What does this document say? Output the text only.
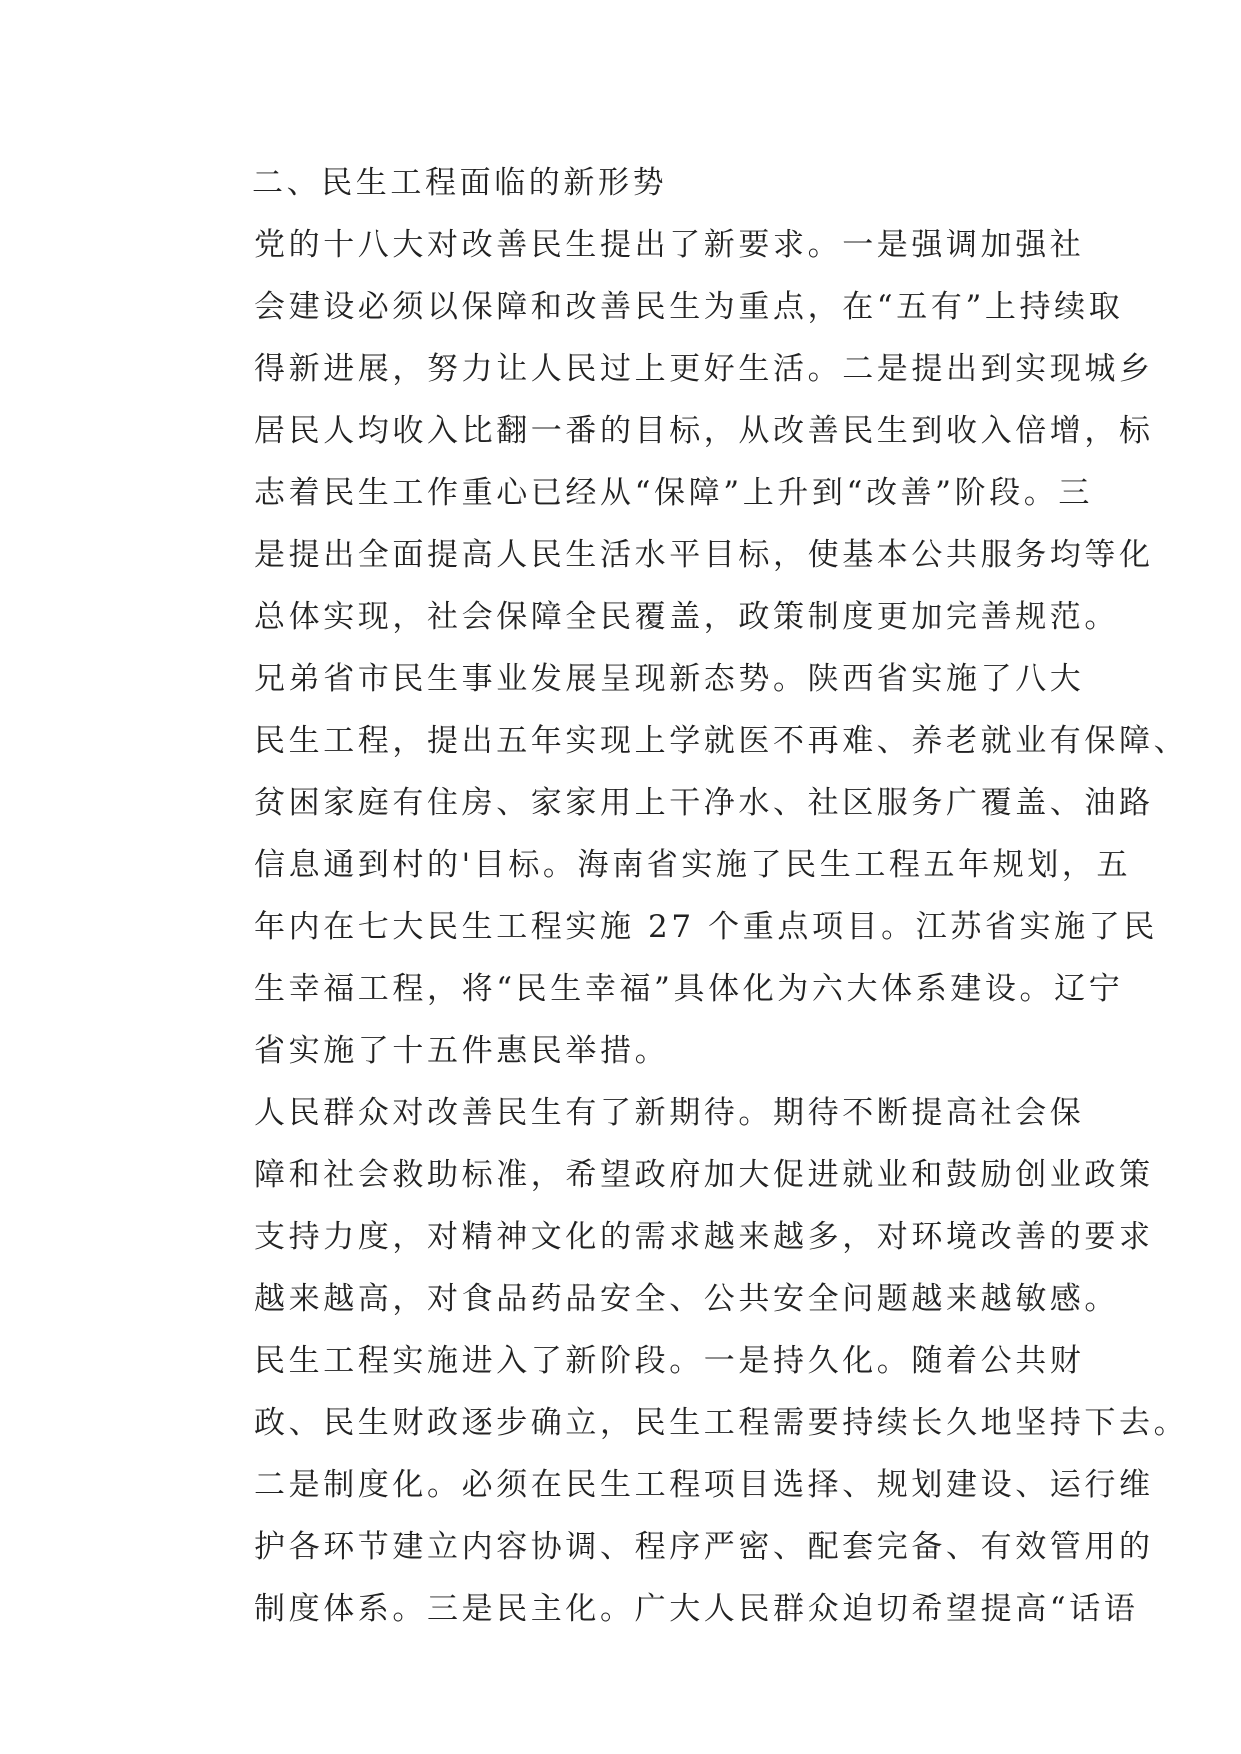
二、民生工程面临的新形势
党的十八大对改善民生提出了新要求。一是强调加强社
会建设必须以保障和改善民生为重点，在“五有”上持续取
得新进展，努力让人民过上更好生活。二是提出到实现城乡
居民人均收入比翻一番的目标，从改善民生到收入倍增，标
志着民生工作重心已经从“保障”上升到“改善”阶段。三
是提出全面提高人民生活水平目标，使基本公共服务均等化
总体实现，社会保障全民覆盖，政策制度更加完善规范。
兄弟省市民生事业发展呈现新态势。陕西省实施了八大
民生工程，提出五年实现上学就医不再难、养老就业有保障、
贫困家庭有住房、家家用上干净水、社区服务广覆盖、油路
信息通到村的'目标。海南省实施了民生工程五年规划，五
年内在七大民生工程实施 27 个重点项目。江苏省实施了民
生幸福工程，将“民生幸福”具体化为六大体系建设。辽宁
省实施了十五件惠民举措。
人民群众对改善民生有了新期待。期待不断提高社会保
障和社会救助标准，希望政府加大促进就业和鼓励创业政策
支持力度，对精神文化的需求越来越多，对环境改善的要求
越来越高，对食品药品安全、公共安全问题越来越敏感。
民生工程实施进入了新阶段。一是持久化。随着公共财
政、民生财政逐步确立，民生工程需要持续长久地坚持下去。
二是制度化。必须在民生工程项目选择、规划建设、运行维
护各环节建立内容协调、程序严密、配套完备、有效管用的
制度体系。三是民主化。广大人民群众迫切希望提高“话语
